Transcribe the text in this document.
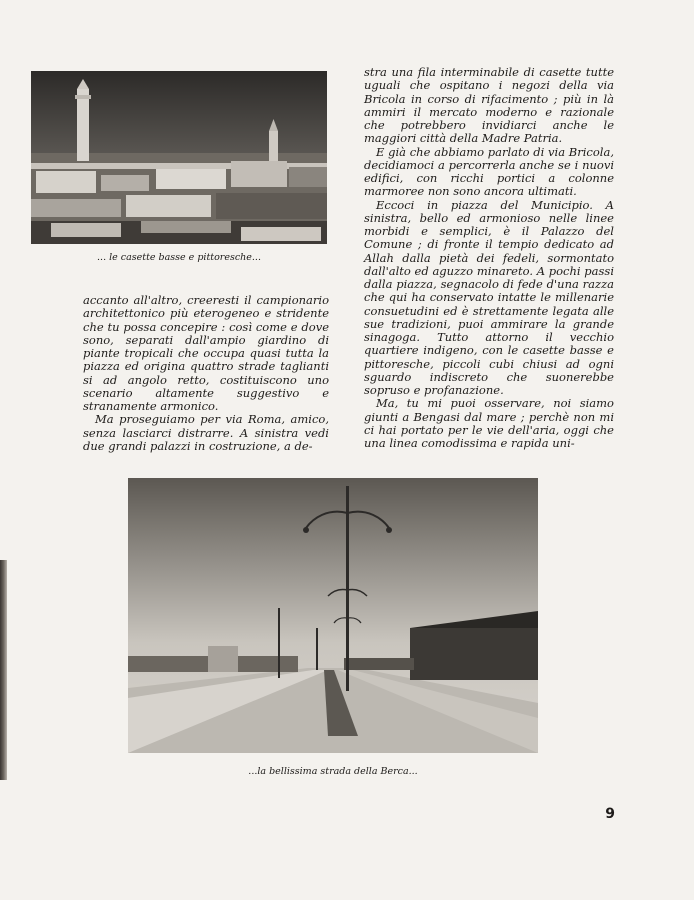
... le casette basse e pittoresche...

accanto all'altro, creeresti il campionario architettonico più eterogeneo e stridente che tu possa concepire : così come e dove sono, separati dall'ampio giardino di piante tropicali che occupa quasi tutta la piazza ed origina quattro strade taglianti si ad angolo retto, costituiscono uno scenario altamente suggestivo e stranamente armonico.

Ma proseguiamo per via Roma, amico, senza lasciarci distrarre. A sinistra vedi due grandi palazzi in costruzione, a de-

stra una fila interminabile di casette tutte uguali che ospitano i negozi della via Bricola in corso di rifacimento ; più in là ammiri il mercato moderno e razionale che potrebbero invidiarci anche le maggiori città della Madre Patria.

E già che abbiamo parlato di via Bricola, decidiamoci a percorrerla anche se i nuovi edifici, con ricchi portici a colonne marmoree non sono ancora ultimati.

Eccoci in piazza del Municipio. A sinistra, bello ed armonioso nelle linee morbidi e semplici, è il Palazzo del Comune ; di fronte il tempio dedicato ad Allah dalla pietà dei fedeli, sormontato dall'alto ed aguzzo minareto. A pochi passi dalla piazza, segnacolo di fede d'una razza che qui ha conservato intatte le millenarie consuetudini ed è strettamente legata alle sue tradizioni, puoi ammirare la grande sinagoga. Tutto attorno il vecchio quartiere indigeno, con le casette basse e pittoresche, piccoli cubi chiusi ad ogni sguardo indiscreto che suonerebbe sopruso e profanazione.

Ma, tu mi puoi osservare, noi siamo giunti a Bengasi dal mare ; perchè non mi ci hai portato per le vie dell'aria, oggi che una linea comodissima e rapida uni-

...la bellissima strada della Berca...
9
